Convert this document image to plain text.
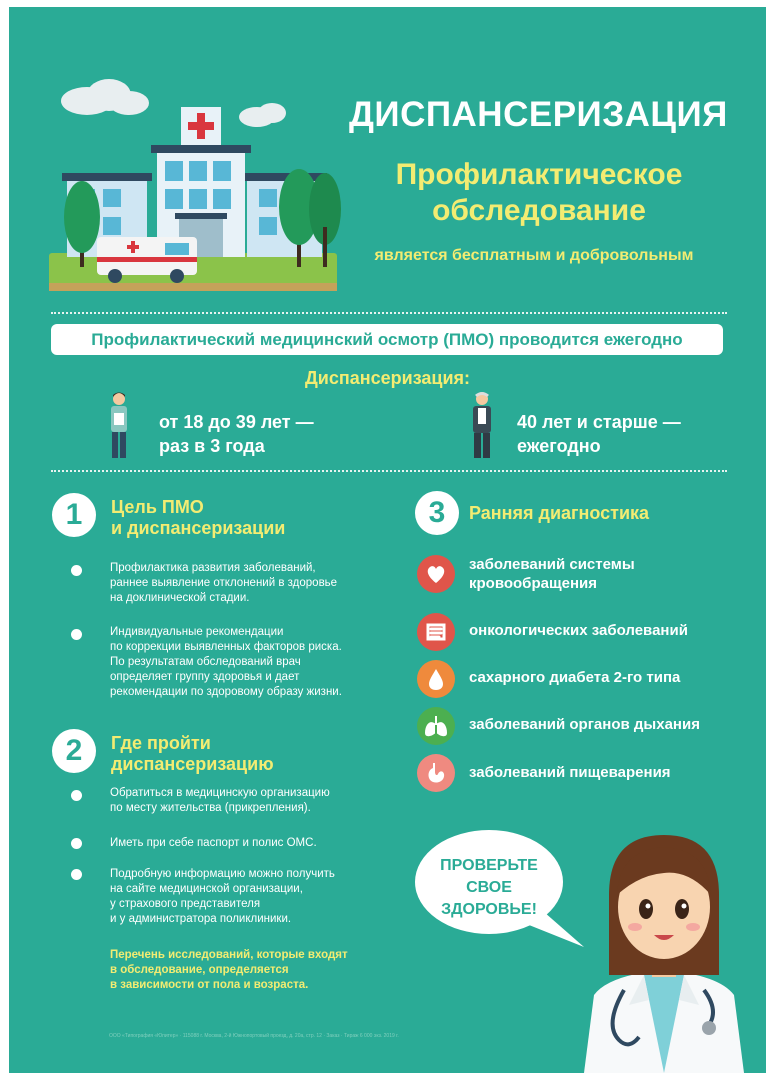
ДИСПАНСЕРИЗАЦИЯ
Профилактическое
обследование
является бесплатным и добровольным
Профилактический медицинский осмотр (ПМО) проводится ежегодно
Диспансеризация:
от 18 до 39 лет —
раз в 3 года
40 лет и старше —
ежегодно
1	Цель ПМО
и диспансеризации
Профилактика развития заболеваний,
раннее выявление отклонений в здоровье
на доклинической стадии.
Индивидуальные рекомендации
по коррекции выявленных факторов риска.
По результатам обследований врач
определяет группу здоровья и дает
рекомендации по здоровому образу жизни.
2	Где пройти
диспансеризацию
Обратиться в медицинскую организацию
по месту жительства (прикрепления).
Иметь при себе паспорт и полис ОМС.
Подробную информацию можно получить
на сайте медицинской организации,
у страхового представителя
и у администратора поликлиники.
Перечень исследований, которые входят
в обследование, определяется
в зависимости от пола и возраста.
3	Ранняя диагностика
заболеваний системы
кровообращения
онкологических заболеваний
сахарного диабета 2-го типа
заболеваний органов дыхания
заболеваний пищеварения
ПРОВЕРЬТЕ
СВОЕ ЗДОРОВЬЕ!
ООО «Типография «Юпитер» · 115088 г. Москва, 2-й Южнопортовый проезд, д. 20а, стр. 12 · Заказ · Тираж 6 000 экз. 2019 г.
